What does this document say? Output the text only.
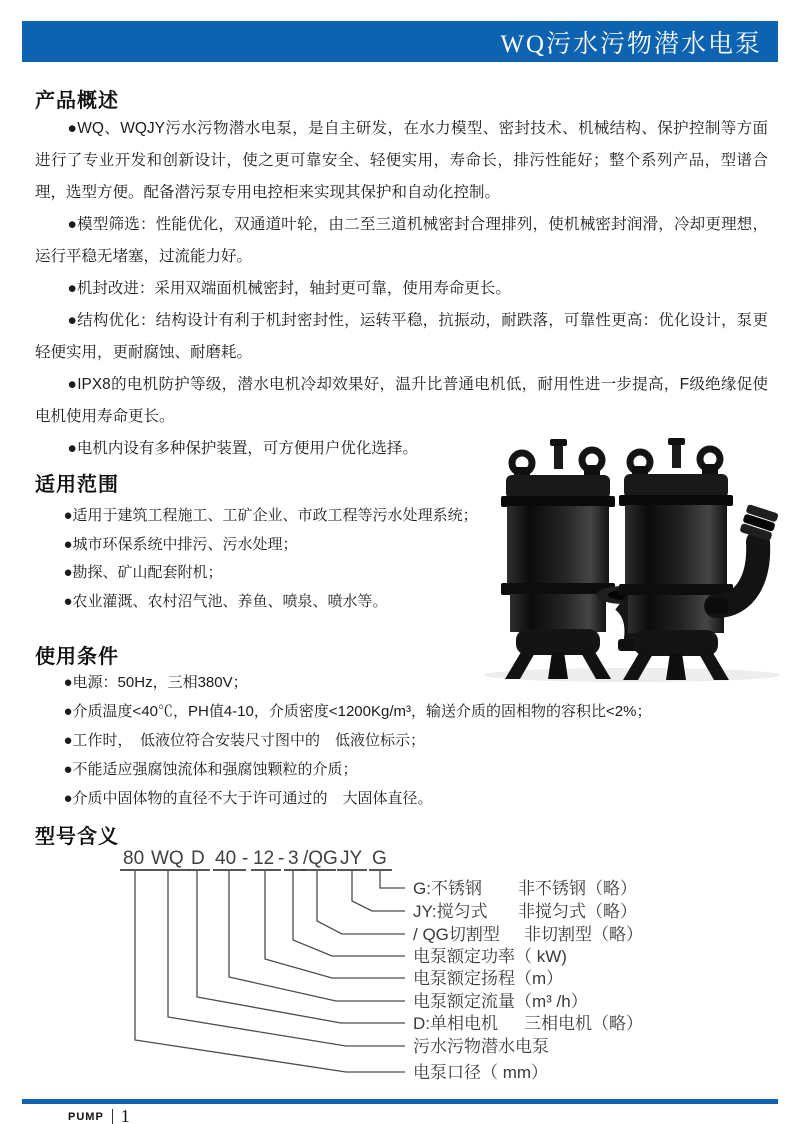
WQ污水污物潜水电泵
产品概述

●WQ、WQJY污水污物潜水电泵，是自主研发，在水力模型、密封技术、机械结构、保护控制等方面进行了专业开发和创新设计，使之更可靠安全、轻便实用，寿命长，排污性能好；整个系列产品，型谱合理，选型方便。配备潜污泵专用电控柜来实现其保护和自动化控制。

●模型筛选：性能优化，双通道叶轮，由二至三道机械密封合理排列，使机械密封润滑，冷却更理想，运行平稳无堵塞，过流能力好。

●机封改进：采用双端面机械密封，轴封更可靠，使用寿命更长。

●结构优化：结构设计有利于机封密封性，运转平稳，抗振动，耐跌落，可靠性更高：优化设计，泵更轻便实用，更耐腐蚀、耐磨耗。

●IPX8的电机防护等级，潜水电机冷却效果好，温升比普通电机低，耐用性进一步提高，F级绝缘促使电机使用寿命更长。

●电机内设有多种保护装置，可方便用户优化选择。

适用范围
●适用于建筑工程施工、工矿企业、市政工程等污水处理系统；
●城市环保系统中排污、污水处理；
●勘探、矿山配套附机；
●农业灌溉、农村沼气池、养鱼、喷泉、喷水等。
使用条件
●电源：50Hz，三相380V；
●介质温度<40℃，PH值4-10，介质密度<1200Kg/m³，输送介质的固相物的容积比<2%；
●工作时，　低液位符合安装尺寸图中的　低液位标示；
●不能适应强腐蚀流体和强腐蚀颗粒的介质；
●介质中固体物的直径不大于许可通过的　大固体直径。
型号含义
80 WQ D 40 - 12 - 3 /QG JY G
G:不锈钢 非不锈钢（略）
JY:搅匀式 非搅匀式（略）
/ QG切割型 非切割型（略）
电泵额定功率（ kW)
电泵额定扬程（m）
电泵额定流量（m³ /h）
D:单相电机 三相电机（略）
污水污物潜水电泵
电泵口径（ mm）
PUMP 1
